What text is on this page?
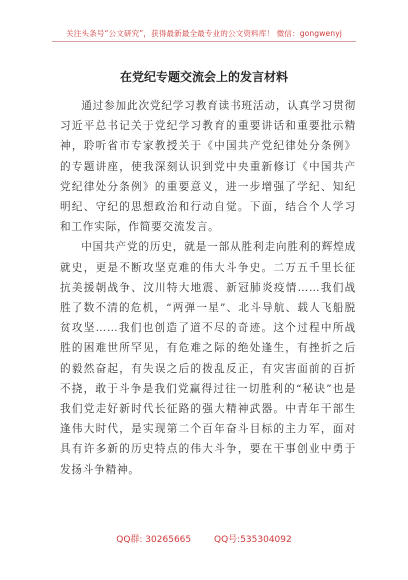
关注头条号“公文研究”，获得最新最全最专业的公文资料库！ 微信：gongwenyj
在党纪专题交流会上的发言材料

通过参加此次党纪学习教育读书班活动，认真学习贯彻习近平总书记关于党纪学习教育的重要讲话和重要批示精神，聆听省市专家教授关于《中国共产党纪律处分条例》的专题讲座，使我深刻认识到党中央重新修订《中国共产党纪律处分条例》的重要意义，进一步增强了学纪、知纪明纪、守纪的思想政治和行动自觉。下面，结合个人学习和工作实际，作简要交流发言。

中国共产党的历史，就是一部从胜利走向胜利的辉煌成就史，更是不断攻坚克难的伟大斗争史。二万五千里长征抗美援朝战争、汶川特大地震、新冠肺炎疫情……我们战胜了数不清的危机，“两弹一星”、北斗导航、载人飞船脱贫攻坚……我们也创造了道不尽的奇迹。这个过程中所战胜的困难世所罕见，有危难之际的绝处逢生，有挫折之后的毅然奋起，有失误之后的拨乱反正，有灾害面前的百折不挠，敢于斗争是我们党赢得过往一切胜利的“秘诀”也是我们党走好新时代长征路的强大精神武器。中青年干部生逢伟大时代，是实现第二个百年奋斗目标的主力军，面对具有许多新的历史特点的伟大斗争，要在干事创业中勇于发扬斗争精神。

QQ群: 30265665	QQ号:535304092
